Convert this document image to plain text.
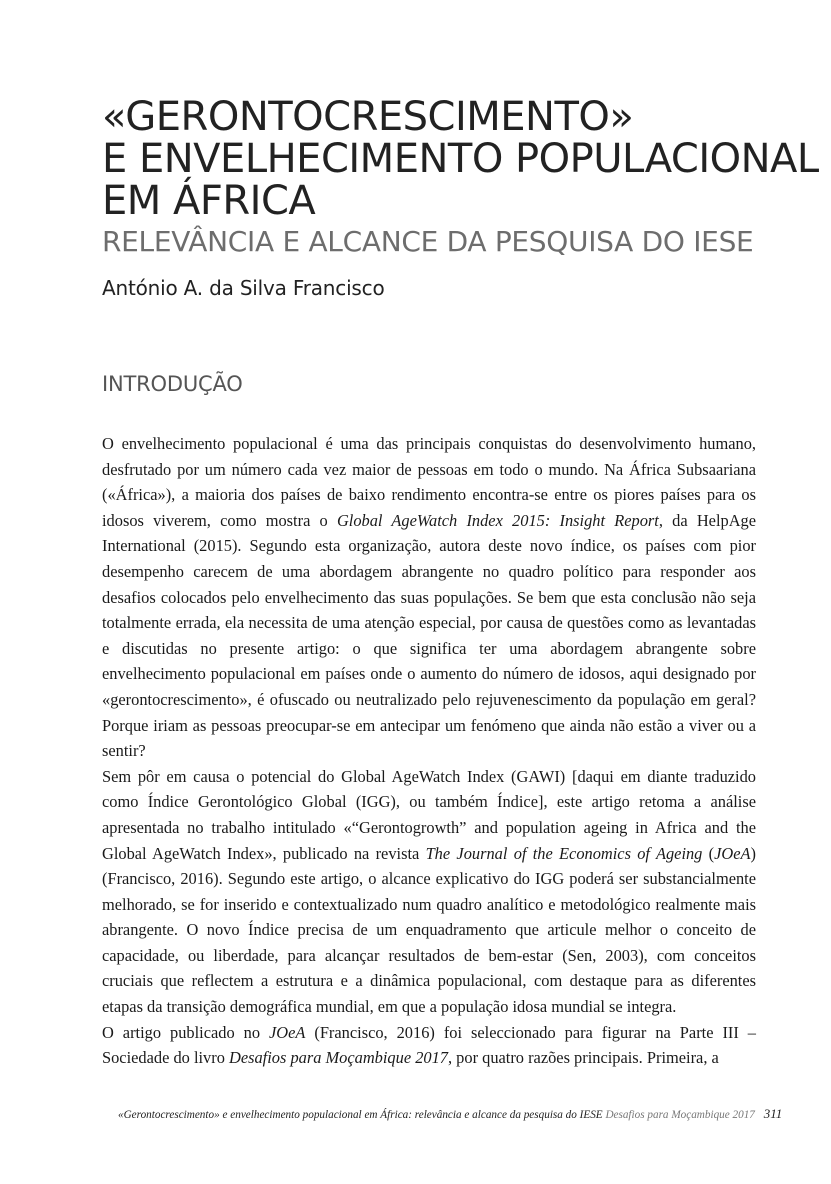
«GERONTOCRESCIMENTO»
E ENVELHECIMENTO POPULACIONAL
EM ÁFRICA
RELEVÂNCIA E ALCANCE DA PESQUISA DO IESE
António A. da Silva Francisco
INTRODUÇÃO

O envelhecimento populacional é uma das principais conquistas do desenvolvimento humano, desfrutado por um número cada vez maior de pessoas em todo o mundo. Na África Subsaariana («África»), a maioria dos países de baixo rendimento encontra-se entre os piores países para os idosos viverem, como mostra o Global AgeWatch Index 2015: Insight Report, da HelpAge International (2015). Segundo esta organização, autora deste novo índice, os países com pior desempenho carecem de uma abordagem abrangente no quadro político para responder aos desafios colocados pelo envelhecimento das suas populações. Se bem que esta conclusão não seja totalmente errada, ela necessita de uma atenção especial, por causa de questões como as levantadas e discutidas no presente artigo: o que significa ter uma abordagem abrangente sobre envelhecimento populacional em países onde o aumento do número de idosos, aqui designado por «gerontocrescimento», é ofuscado ou neutralizado pelo rejuvenescimento da população em geral? Porque iriam as pessoas preocupar-se em antecipar um fenómeno que ainda não estão a viver ou a sentir?

Sem pôr em causa o potencial do Global AgeWatch Index (GAWI) [daqui em diante traduzido como Índice Gerontológico Global (IGG), ou também Índice], este artigo retoma a análise apresentada no trabalho intitulado «“Gerontogrowth” and population ageing in Africa and the Global AgeWatch Index», publicado na revista The Journal of the Economics of Ageing (JOeA) (Francisco, 2016). Segundo este artigo, o alcance explicativo do IGG poderá ser substancialmente melhorado, se for inserido e contextualizado num quadro analítico e metodológico realmente mais abrangente. O novo Índice precisa de um enquadramento que articule melhor o conceito de capacidade, ou liberdade, para alcançar resultados de bem-estar (Sen, 2003), com conceitos cruciais que reflectem a estrutura e a dinâmica populacional, com destaque para as diferentes etapas da transição demográfica mundial, em que a população idosa mundial se integra.

O artigo publicado no JOeA (Francisco, 2016) foi seleccionado para figurar na Parte III – Sociedade do livro Desafios para Moçambique 2017, por quatro razões principais. Primeira, a

«Gerontocrescimento» e envelhecimento populacional em África: relevância e alcance da pesquisa do IESE Desafios para Moçambique 2017 311
